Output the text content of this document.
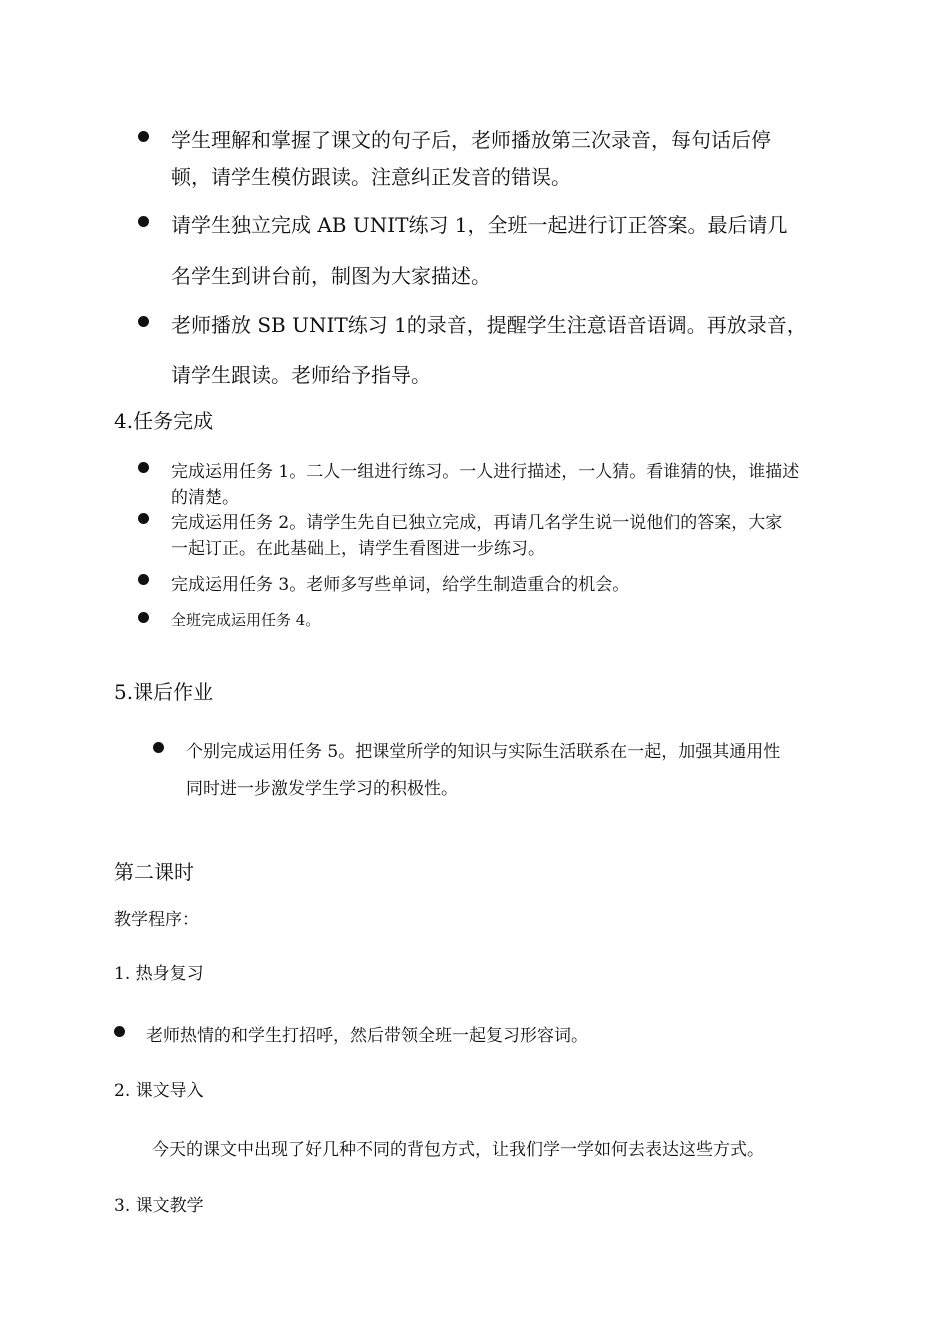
学生理解和掌握了课文的句子后，老师播放第三次录音，每句话后停
顿，请学生模仿跟读。注意纠正发音的错误。
请学生独立完成 AB UNIT练习 1，全班一起进行订正答案。最后请几
名学生到讲台前，制图为大家描述。
老师播放 SB UNIT练习 1的录音，提醒学生注意语音语调。再放录音，
请学生跟读。老师给予指导。
4.任务完成
完成运用任务 1。二人一组进行练习。一人进行描述，一人猜。看谁猜的快，谁描述
的清楚。
完成运用任务 2。请学生先自已独立完成，再请几名学生说一说他们的答案，大家
一起订正。在此基础上，请学生看图进一步练习。
完成运用任务 3。老师多写些单词，给学生制造重合的机会。
全班完成运用任务 4。
5.课后作业
个别完成运用任务 5。把课堂所学的知识与实际生活联系在一起，加强其通用性
同时进一步激发学生学习的积极性。
第二课时
教学程序：
1. 热身复习
老师热情的和学生打招呼，然后带领全班一起复习形容词。
2. 课文导入
今天的课文中出现了好几种不同的背包方式，让我们学一学如何去表达这些方式。
3. 课文教学
